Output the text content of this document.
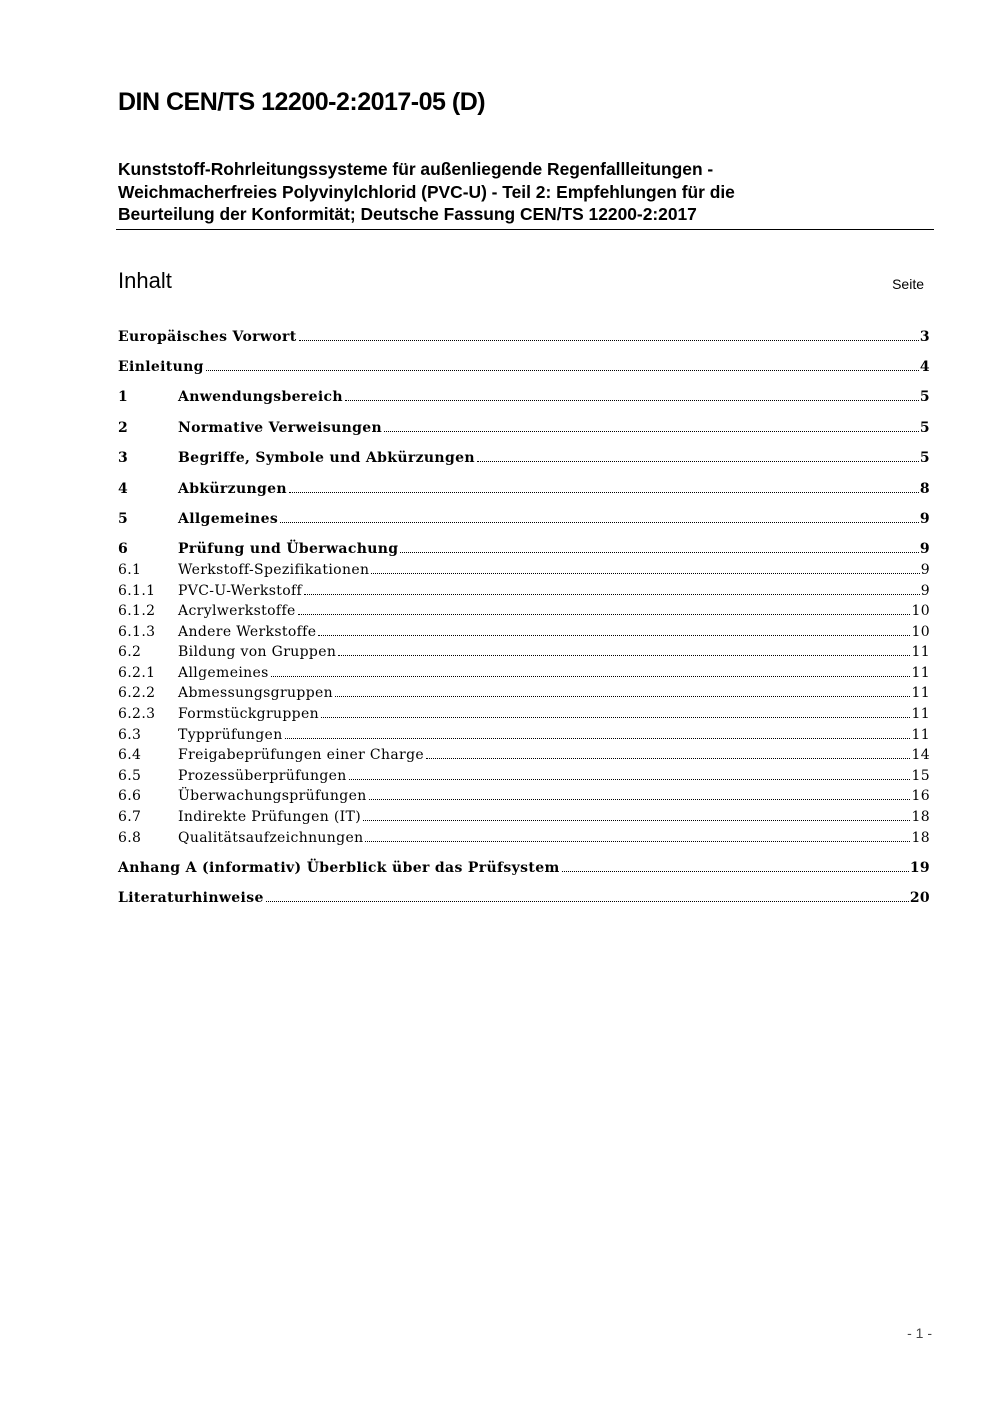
DIN CEN/TS 12200-2:2017-05 (D)
Kunststoff-Rohrleitungssysteme für außenliegende Regenfallleitungen -
Weichmacherfreies Polyvinylchlorid (PVC-U) - Teil 2: Empfehlungen für die
Beurteilung der Konformität; Deutsche Fassung CEN/TS 12200-2:2017
Inhalt	Seite
Europäisches Vorwort	3
Einleitung	4
1	Anwendungsbereich	5
2	Normative Verweisungen	5
3	Begriffe, Symbole und Abkürzungen	5
4	Abkürzungen	8
5	Allgemeines	9
6	Prüfung und Überwachung	9
6.1	Werkstoff-Spezifikationen	9
6.1.1	PVC-U-Werkstoff	9
6.1.2	Acrylwerkstoffe	10
6.1.3	Andere Werkstoffe	10
6.2	Bildung von Gruppen	11
6.2.1	Allgemeines	11
6.2.2	Abmessungsgruppen	11
6.2.3	Formstückgruppen	11
6.3	Typprüfungen	11
6.4	Freigabeprüfungen einer Charge	14
6.5	Prozessüberprüfungen	15
6.6	Überwachungsprüfungen	16
6.7	Indirekte Prüfungen (IT)	18
6.8	Qualitätsaufzeichnungen	18
Anhang A (informativ) Überblick über das Prüfsystem	19
Literaturhinweise	20
- 1 -
